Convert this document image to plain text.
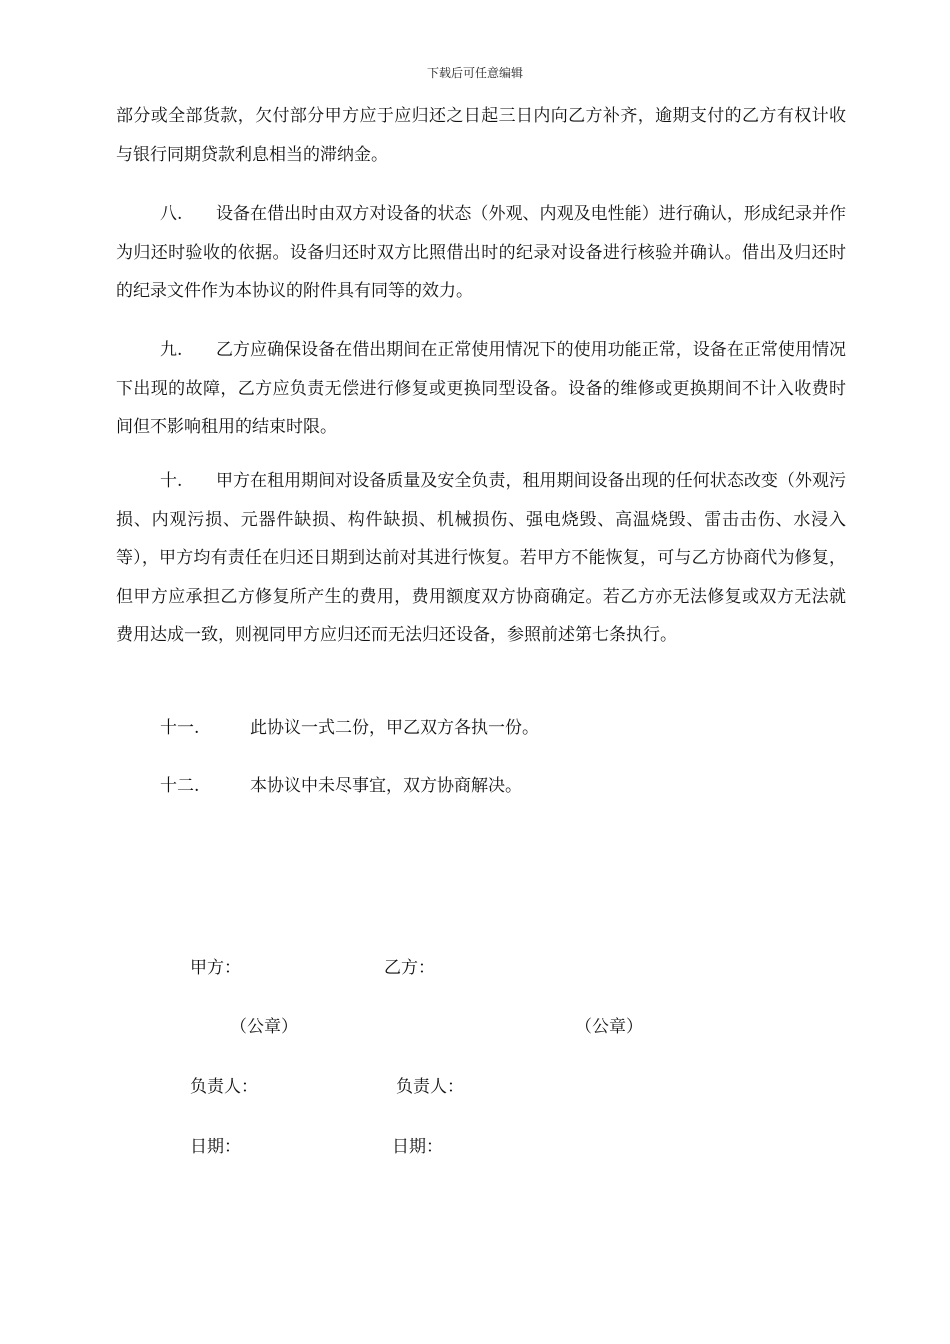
下载后可任意编辑

部分或全部货款，欠付部分甲方应于应归还之日起三日内向乙方补齐，逾期支付的乙方有权计收与银行同期贷款利息相当的滞纳金。

八. 设备在借出时由双方对设备的状态（外观、内观及电性能）进行确认，形成纪录并作为归还时验收的依据。设备归还时双方比照借出时的纪录对设备进行核验并确认。借出及归还时的纪录文件作为本协议的附件具有同等的效力。

九. 乙方应确保设备在借出期间在正常使用情况下的使用功能正常，设备在正常使用情况下出现的故障，乙方应负责无偿进行修复或更换同型设备。设备的维修或更换期间不计入收费时间但不影响租用的结束时限。

十. 甲方在租用期间对设备质量及安全负责，租用期间设备出现的任何状态改变（外观污损、内观污损、元器件缺损、构件缺损、机械损伤、强电烧毁、高温烧毁、雷击击伤、水浸入等），甲方均有责任在归还日期到达前对其进行恢复。若甲方不能恢复，可与乙方协商代为修复，但甲方应承担乙方修复所产生的费用，费用额度双方协商确定。若乙方亦无法修复或双方无法就费用达成一致，则视同甲方应归还而无法归还设备，参照前述第七条执行。

十一.	此协议一式二份，甲乙双方各执一份。

十二.	本协议中未尽事宜，双方协商解决。

甲方：	乙方：
（公章）	（公章）
负责人：	负责人：
日期：	日期：
